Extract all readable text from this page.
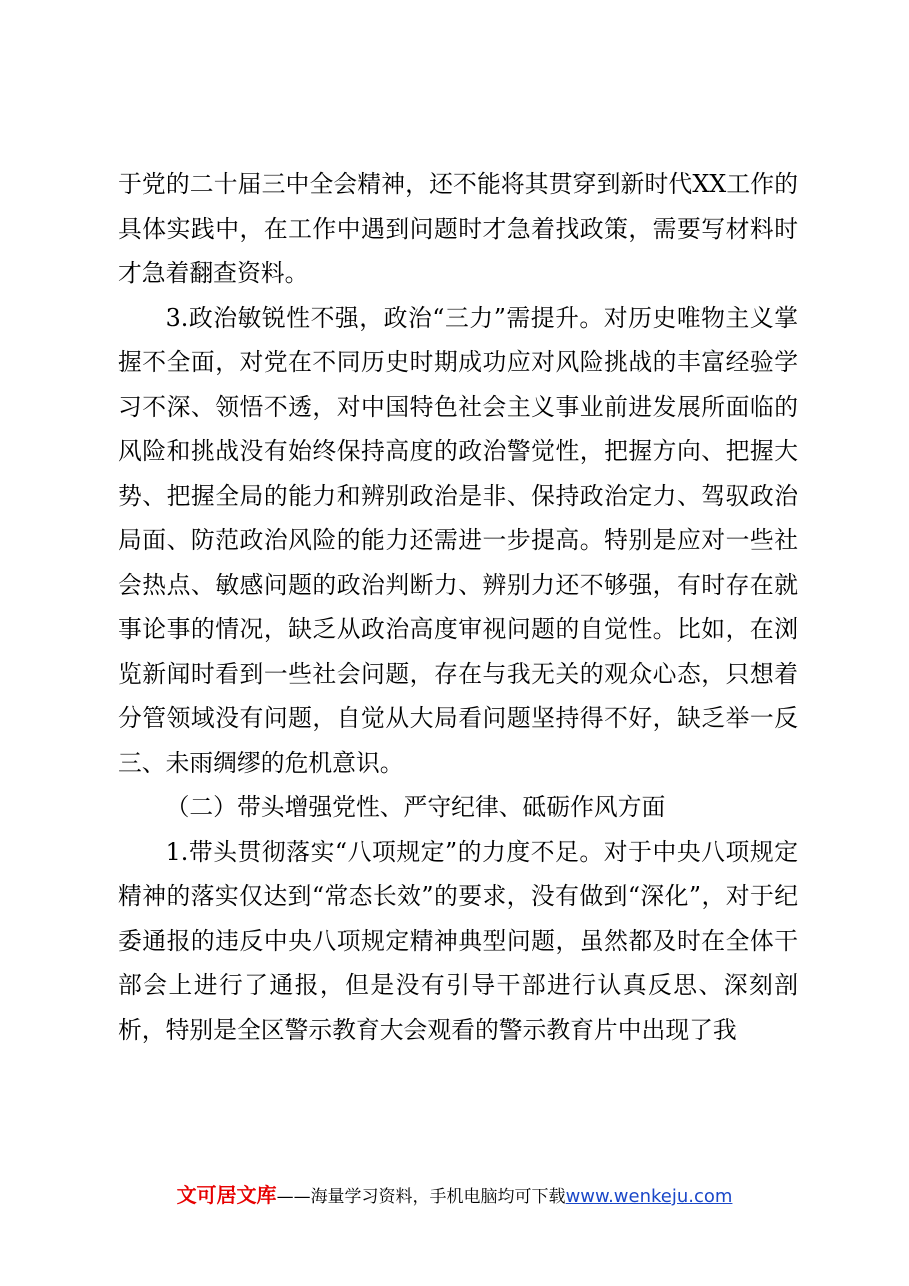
于党的二十届三中全会精神，还不能将其贯穿到新时代XX工作的具体实践中，在工作中遇到问题时才急着找政策，需要写材料时才急着翻查资料。

3.政治敏锐性不强，政治“三力”需提升。对历史唯物主义掌握不全面，对党在不同历史时期成功应对风险挑战的丰富经验学习不深、领悟不透，对中国特色社会主义事业前进发展所面临的风险和挑战没有始终保持高度的政治警觉性，把握方向、把握大势、把握全局的能力和辨别政治是非、保持政治定力、驾驭政治局面、防范政治风险的能力还需进一步提高。特别是应对一些社会热点、敏感问题的政治判断力、辨别力还不够强，有时存在就事论事的情况，缺乏从政治高度审视问题的自觉性。比如，在浏览新闻时看到一些社会问题，存在与我无关的观众心态，只想着分管领域没有问题，自觉从大局看问题坚持得不好，缺乏举一反三、未雨绸缪的危机意识。

（二）带头增强党性、严守纪律、砥砺作风方面

1.带头贯彻落实“八项规定”的力度不足。对于中央八项规定精神的落实仅达到“常态长效”的要求，没有做到“深化”，对于纪委通报的违反中央八项规定精神典型问题，虽然都及时在全体干部会上进行了通报，但是没有引导干部进行认真反思、深刻剖析，特别是全区警示教育大会观看的警示教育片中出现了我

文可居文库——海量学习资料，手机电脑均可下载www.wenkeju.com
